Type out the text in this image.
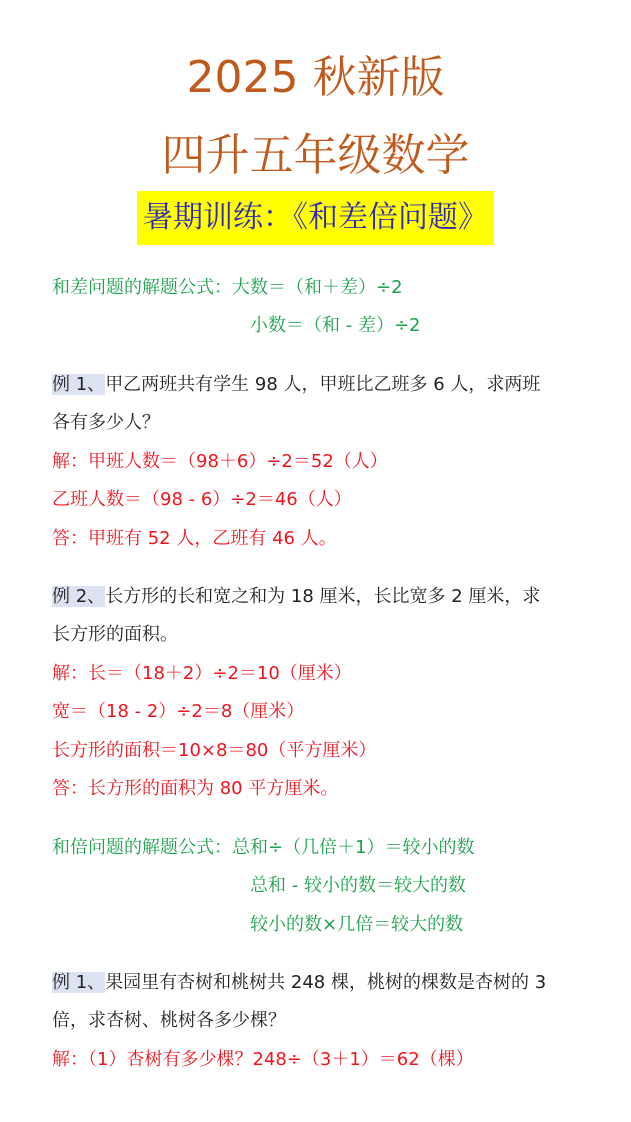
2025 秋新版
四升五年级数学
暑期训练：《和差倍问题》
和差问题的解题公式：大数＝（和＋差）÷2
小数＝（和 - 差）÷2
例 1、甲乙两班共有学生 98 人，甲班比乙班多 6 人，求两班
各有多少人？
解：甲班人数＝（98＋6）÷2＝52（人）
乙班人数＝（98 - 6）÷2＝46（人）
答：甲班有 52 人，乙班有 46 人。
例 2、长方形的长和宽之和为 18 厘米，长比宽多 2 厘米，求
长方形的面积。
解：长＝（18＋2）÷2＝10（厘米）
宽＝（18 - 2）÷2＝8（厘米）
长方形的面积＝10×8＝80（平方厘米）
答：长方形的面积为 80 平方厘米。
和倍问题的解题公式：总和÷（几倍＋1）＝较小的数
总和 - 较小的数＝较大的数
较小的数×几倍＝较大的数
例 1、果园里有杏树和桃树共 248 棵，桃树的棵数是杏树的 3
倍，求杏树、桃树各多少棵？
解：（1）杏树有多少棵？248÷（3＋1）＝62（棵）
